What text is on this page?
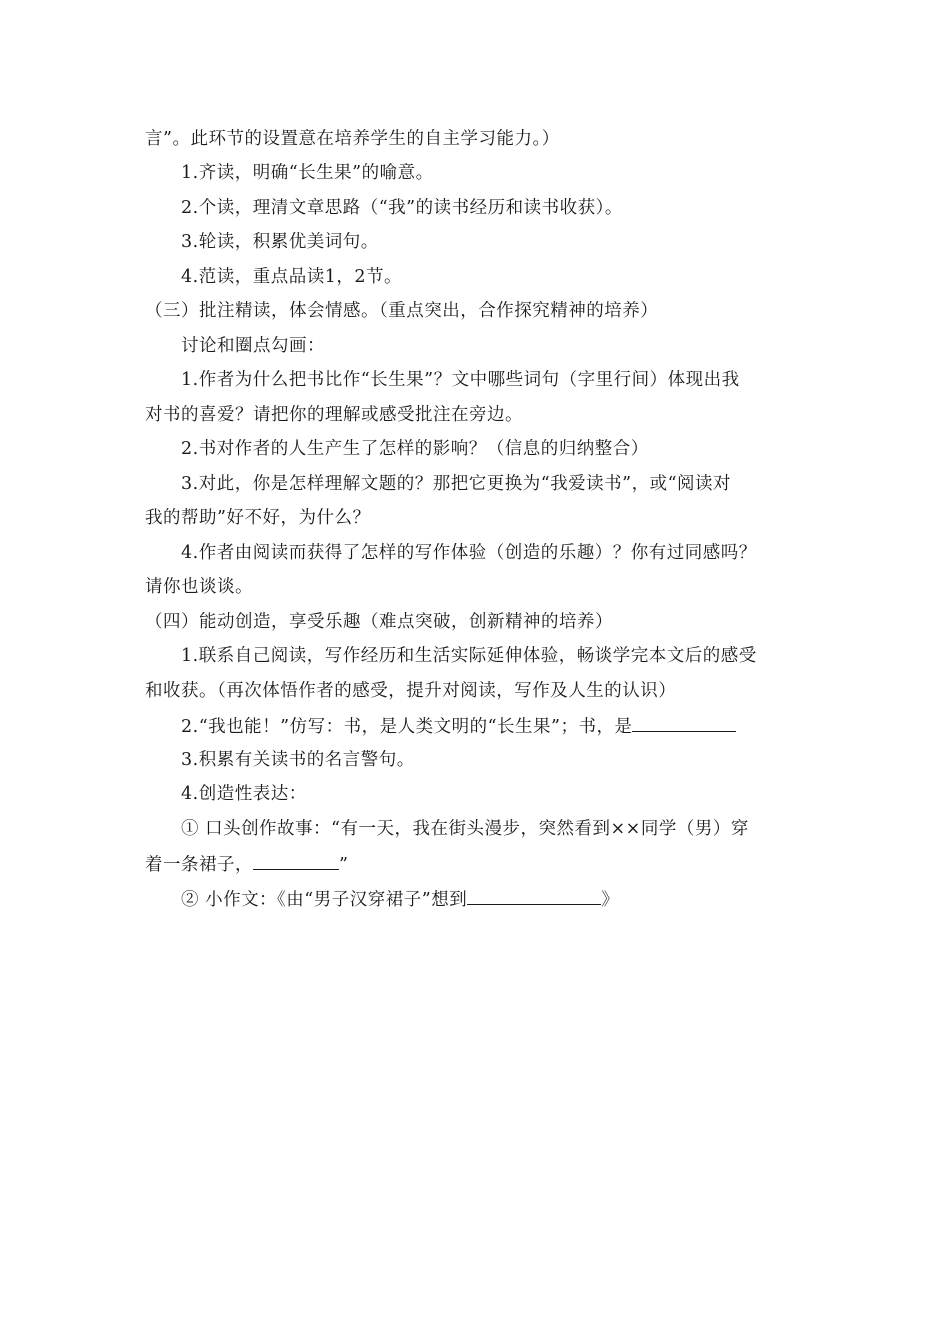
言”。此环节的设置意在培养学生的自主学习能力。）
1.齐读，明确“长生果”的喻意。
2.个读，理清文章思路（“我”的读书经历和读书收获）。
3.轮读，积累优美词句。
4.范读，重点品读1，2节。
（三）批注精读，体会情感。（重点突出，合作探究精神的培养）
讨论和圈点勾画：
1.作者为什么把书比作“长生果”？文中哪些词句（字里行间）体现出我
对书的喜爱？请把你的理解或感受批注在旁边。
2.书对作者的人生产生了怎样的影响？（信息的归纳整合）
3.对此，你是怎样理解文题的？那把它更换为“我爱读书”，或“阅读对
我的帮助”好不好，为什么？
4.作者由阅读而获得了怎样的写作体验（创造的乐趣）？你有过同感吗？
请你也谈谈。
（四）能动创造，享受乐趣（难点突破，创新精神的培养）
1.联系自己阅读，写作经历和生活实际延伸体验，畅谈学完本文后的感受
和收获。（再次体悟作者的感受，提升对阅读，写作及人生的认识）
2.“我也能！”仿写：书，是人类文明的“长生果”；书，是
3.积累有关读书的名言警句。
4.创造性表达：
① 口头创作故事：“有一天，我在街头漫步，突然看到××同学（男）穿
着一条裙子，	”
② 小作文：《由“男子汉穿裙子”想到	》
